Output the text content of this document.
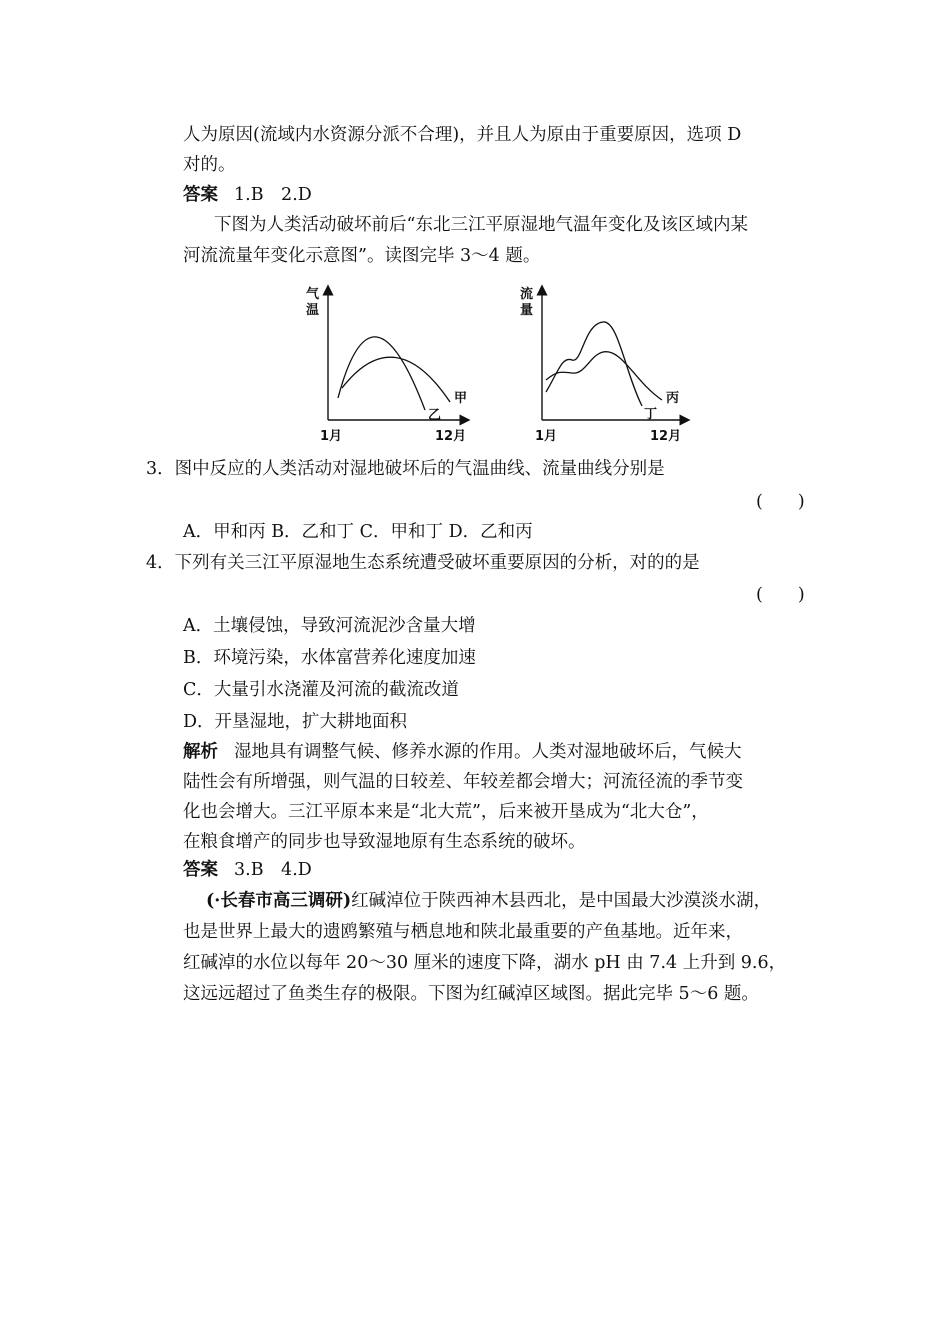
人为原因(流域内水资源分派不合理)，并且人为原由于重要原因，选项 D
对的。
答案 1.B　2.D
下图为人类活动破坏前后“东北三江平原湿地气温年变化及该区域内某
河流流量年变化示意图”。读图完毕 3～4 题。
气
温
1月	12月
甲
乙
流
量
1月	12月
丙
丁
3．图中反应的人类活动对湿地破坏后的气温曲线、流量曲线分别是
(　　)
A．甲和丙 B．乙和丁 C．甲和丁 D．乙和丙
4．下列有关三江平原湿地生态系统遭受破坏重要原因的分析，对的的是
(　　)
A．土壤侵蚀，导致河流泥沙含量大增
B．环境污染，水体富营养化速度加速
C．大量引水浇灌及河流的截流改道
D．开垦湿地，扩大耕地面积
解析 湿地具有调整气候、修养水源的作用。人类对湿地破坏后，气候大
陆性会有所增强，则气温的日较差、年较差都会增大；河流径流的季节变
化也会增大。三江平原本来是“北大荒”，后来被开垦成为“北大仓”，
在粮食增产的同步也导致湿地原有生态系统的破坏。
答案 3.B　4.D
(·长春市高三调研)红碱淖位于陕西神木县西北，是中国最大沙漠淡水湖，
也是世界上最大的遗鸥繁殖与栖息地和陕北最重要的产鱼基地。近年来，
红碱淖的水位以每年 20～30 厘米的速度下降，湖水 pH 由 7.4 上升到 9.6，
这远远超过了鱼类生存的极限。下图为红碱淖区域图。据此完毕 5～6 题。
